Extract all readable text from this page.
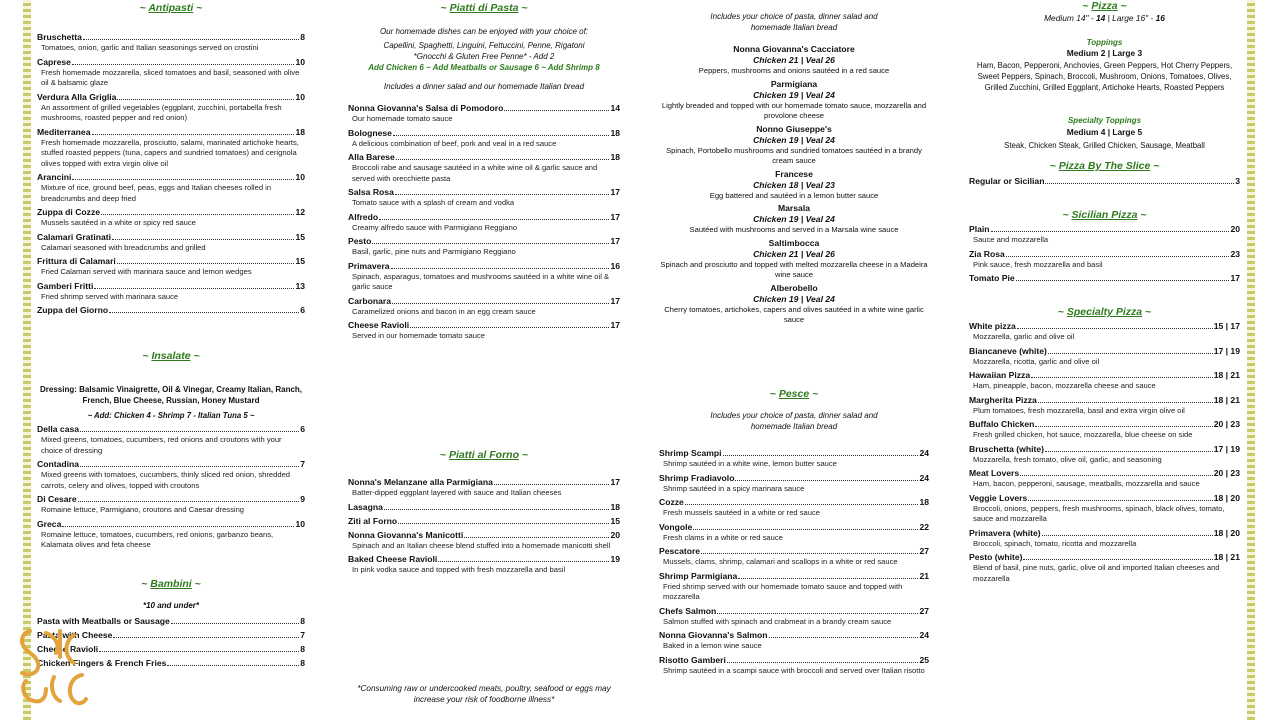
~ Antipasti ~
Bruschetta	8
Tomatoes, onion, garlic and Italian seasonings served on crostini
Caprese	10
Fresh homemade mozzarella, sliced tomatoes and basil, seasoned with olive oil & balsamic glaze
Verdura Alla Griglia	10
An assortment of grilled vegetables (eggplant, zucchini, portabella fresh mushrooms, roasted pepper and red onion)
Mediterranea	18
Fresh homemade mozzarella, prosciutto, salami, marinated artichoke hearts, stuffed roasted peppers (tuna, capers and sundried tomatoes) and cerignola olives topped with extra virgin olive oil
Arancini	10
Mixture of rice, ground beef, peas, eggs and Italian cheeses rolled in breadcrumbs and deep fried
Zuppa di Cozze	12
Mussels sautéed in a white or spicy red sauce
Calamari Gratinati	15
Calamari seasoned with breadcrumbs and grilled
Frittura di Calamari	15
Fried Calamari served with marinara sauce and lemon wedges
Gamberi Fritti	13
Fried shrimp served with marinara sauce
Zuppa del Giorno	6
~ Insalate ~
Dressing: Balsamic Vinaigrette, Oil & Vinegar, Creamy Italian, Ranch, French, Blue Cheese, Russian, Honey Mustard
~ Add: Chicken 4 - Shrimp 7 - Italian Tuna 5 ~
Della casa	6
Mixed greens, tomatoes, cucumbers, red onions and croutons with your choice of dressing
Contadina	7
Mixed greens with tomatoes, cucumbers, thinly sliced red onion, shredded carrots, celery and olives, topped with croutons
Di Cesare	9
Romaine lettuce, Parmigiano, croutons and Caesar dressing
Greca	10
Romaine lettuce, tomatoes, cucumbers, red onions, garbanzo beans, Kalamata olives and feta cheese
~ Bambini ~
*10 and under*
Pasta with Meatballs or Sausage	8
Pasta with Cheese	7
Cheese Ravioli	8
Chicken Fingers & French Fries	8
~ Piatti di Pasta ~
Our homemade dishes can be enjoyed with your choice of:
Capellini, Spaghetti, Linguini, Fettuccini, Penne, Rigatoni
*Gnocchi & Gluten Free Penne* - Add 2
Add Chicken 6 ~ Add Meatballs or Sausage 6 ~ Add Shrimp 8
Includes a dinner salad and our homemade Italian bread
Nonna Giovanna's Salsa di Pomodoro	14
Our homemade tomato sauce
Bolognese	18
A delicious combination of beef, pork and veal in a red sauce
Alla Barese	18
Broccoli rabe and sausage sautéed in a white wine oil & garlic sauce and served with orecchiette pasta
Salsa Rosa	17
Tomato sauce with a splash of cream and vodka
Alfredo	17
Creamy alfredo sauce with Parmigiano Reggiano
Pesto	17
Basil, garlic, pine nuts and Parmigiano Reggiano
Primavera	16
Spinach, asparagus, tomatoes and mushrooms sautéed in a white wine oil & garlic sauce
Carbonara	17
Caramelized onions and bacon in an egg cream sauce
Cheese Ravioli	17
Served in our homemade tomato sauce
~ Piatti al Forno ~
Nonna's Melanzane alla Parmigiana	17
Batter-dipped eggplant layered with sauce and Italian cheeses
Lasagna	18
Ziti al Forno	15
Nonna Giovanna's Manicotti	20
Spinach and an Italian cheese blend stuffed into a homemade manicotti shell
Baked Cheese Ravioli	19
In pink vodka sauce and topped with fresh mozzarella and basil
*Consuming raw or undercooked meats, poultry, seafood or eggs may increase your risk of foodborne illness*
Includes your choice of pasta, dinner salad and homemade Italian bread
Nonna Giovanna's Cacciatore
Chicken 21 | Veal 26
Peppers, mushrooms and onions sautéed in a red sauce
Parmigiana
Chicken 19 | Veal 24
Lightly breaded and topped with our homemade tomato sauce, mozzarella and provolone cheese
Nonno Giuseppe's
Chicken 19 | Veal 24
Spinach, Portobello mushrooms and sundried tomatoes sautéed in a brandy cream sauce
Francese
Chicken 18 | Veal 23
Egg battered and sautéed in a lemon butter sauce
Marsala
Chicken 19 | Veal 24
Sautéed with mushrooms and served in a Marsala wine sauce
Saltimbocca
Chicken 21 | Veal 26
Spinach and prosciutto and topped with melted mozzarella cheese in a Madeira wine sauce
Alberobello
Chicken 19 | Veal 24
Cherry tomatoes, artichokes, capers and olives sautéed in a white wine garlic sauce
~ Pesce ~
Includes your choice of pasta, dinner salad and homemade Italian bread
Shrimp Scampi	24
Shrimp sautéed in a white wine, lemon butter sauce
Shrimp Fradiavolo	24
Shrimp sautéed in a spicy marinara sauce
Cozze	18
Fresh mussels sautéed in a white or red sauce
Vongole	22
Fresh clams in a white or red sauce
Pescatore	27
Mussels, clams, shrimp, calamari and scallops in a white or red sauce
Shrimp Parmigiana	21
Fried shrimp served with our homemade tomato sauce and topped with mozzarella
Chefs Salmon	27
Salmon stuffed with spinach and crabmeat in a brandy cream sauce
Nonna Giovanna's Salmon	24
Baked in a lemon wine sauce
Risotto Gamberi	25
Shrimp sautéed in a scampi sauce with broccoli and served over Italian risotto
~ Pizza ~
Medium 14" - 14 | Large 16" - 16
Toppings
Medium 2 | Large 3
Ham, Bacon, Pepperoni, Anchovies, Green Peppers, Hot Cherry Peppers, Sweet Peppers, Spinach, Broccoli, Mushroom, Onions, Tomatoes, Olives, Grilled Zucchini, Grilled Eggplant, Artichoke Hearts, Roasted Peppers
Specialty Toppings
Medium 4 | Large 5
Steak, Chicken Steak, Grilled Chicken, Sausage, Meatball
~ Pizza By The Slice ~
Regular or Sicilian	3
~ Sicilian Pizza ~
Plain	20
Sauce and mozzarella
Zia Rosa	23
Pink sauce, fresh mozzarella and basil
Tomato Pie	17
~ Specialty Pizza ~
White pizza	15 | 17
Mozzarella, garlic and olive oil
Biancaneve (white)	17 | 19
Mozzarella, ricotta, garlic and olive oil
Hawaiian Pizza	18 | 21
Ham, pineapple, bacon, mozzarella cheese and sauce
Margherita Pizza	18 | 21
Plum tomatoes, fresh mozzarella, basil and extra virgin olive oil
Buffalo Chicken	20 | 23
Fresh grilled chicken, hot sauce, mozzarella, blue cheese on side
Bruschetta (white)	17 | 19
Mozzarella, fresh tomato, olive oil, garlic, and seasoning
Meat Lovers	20 | 23
Ham, bacon, pepperoni, sausage, meatballs, mozzarella and sauce
Veggie Lovers	18 | 20
Broccoli, onions, peppers, fresh mushrooms, spinach, black olives, tomato, sauce and mozzarella
Primavera (white)	18 | 20
Broccoli, spinach, tomato, ricotta and mozzarella
Pesto (white)	18 | 21
Blend of basil, pine nuts, garlic, olive oil and imported Italian cheeses and mozzarella
